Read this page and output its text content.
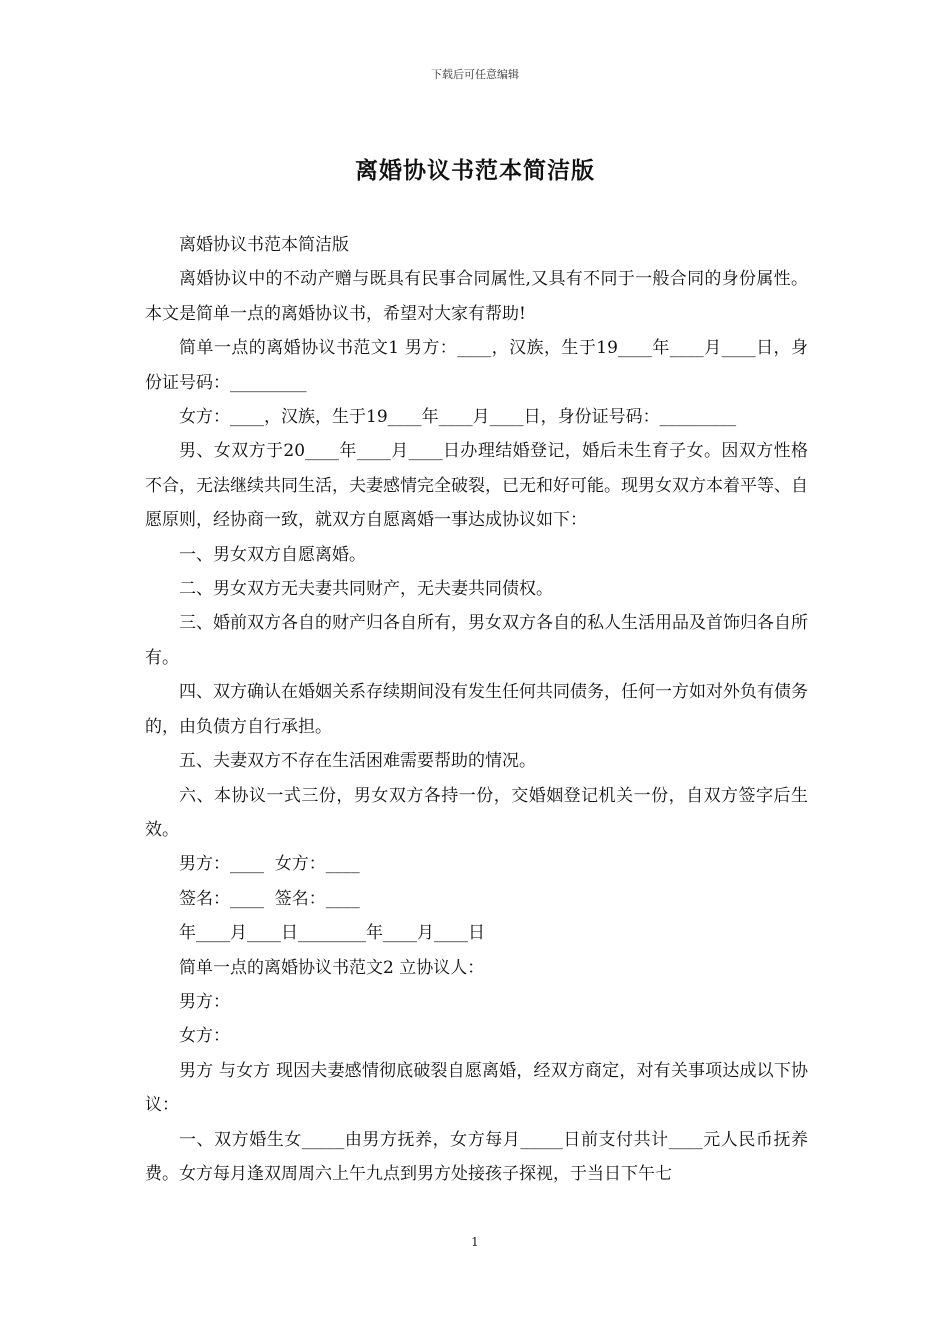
下载后可任意编辑
离婚协议书范本简洁版

离婚协议书范本简洁版

离婚协议中的不动产赠与既具有民事合同属性,又具有不同于一般合同的身份属性。本文是简单一点的离婚协议书，希望对大家有帮助!

简单一点的离婚协议书范文1 男方：____，汉族，生于19____年____月____日，身份证号码：_________

女方：____，汉族，生于19____年____月____日，身份证号码：_________

男、女双方于20____年____月____日办理结婚登记，婚后未生育子女。因双方性格不合，无法继续共同生活，夫妻感情完全破裂，已无和好可能。现男女双方本着平等、自愿原则，经协商一致，就双方自愿离婚一事达成协议如下：

一、男女双方自愿离婚。

二、男女双方无夫妻共同财产，无夫妻共同债权。

三、婚前双方各自的财产归各自所有，男女双方各自的私人生活用品及首饰归各自所有。

四、双方确认在婚姻关系存续期间没有发生任何共同债务，任何一方如对外负有债务的，由负债方自行承担。

五、夫妻双方不存在生活困难需要帮助的情况。

六、本协议一式三份，男女双方各持一份，交婚姻登记机关一份，自双方签字后生效。

男方：____  女方：____

签名：____  签名：____

年____月____日________年____月____日

简单一点的离婚协议书范文2 立协议人：

男方：

女方：

男方 与女方 现因夫妻感情彻底破裂自愿离婚，经双方商定，对有关事项达成以下协议：

一、双方婚生女_____由男方抚养，女方每月_____日前支付共计____元人民币抚养费。女方每月逢双周周六上午九点到男方处接孩子探视，于当日下午七

1
